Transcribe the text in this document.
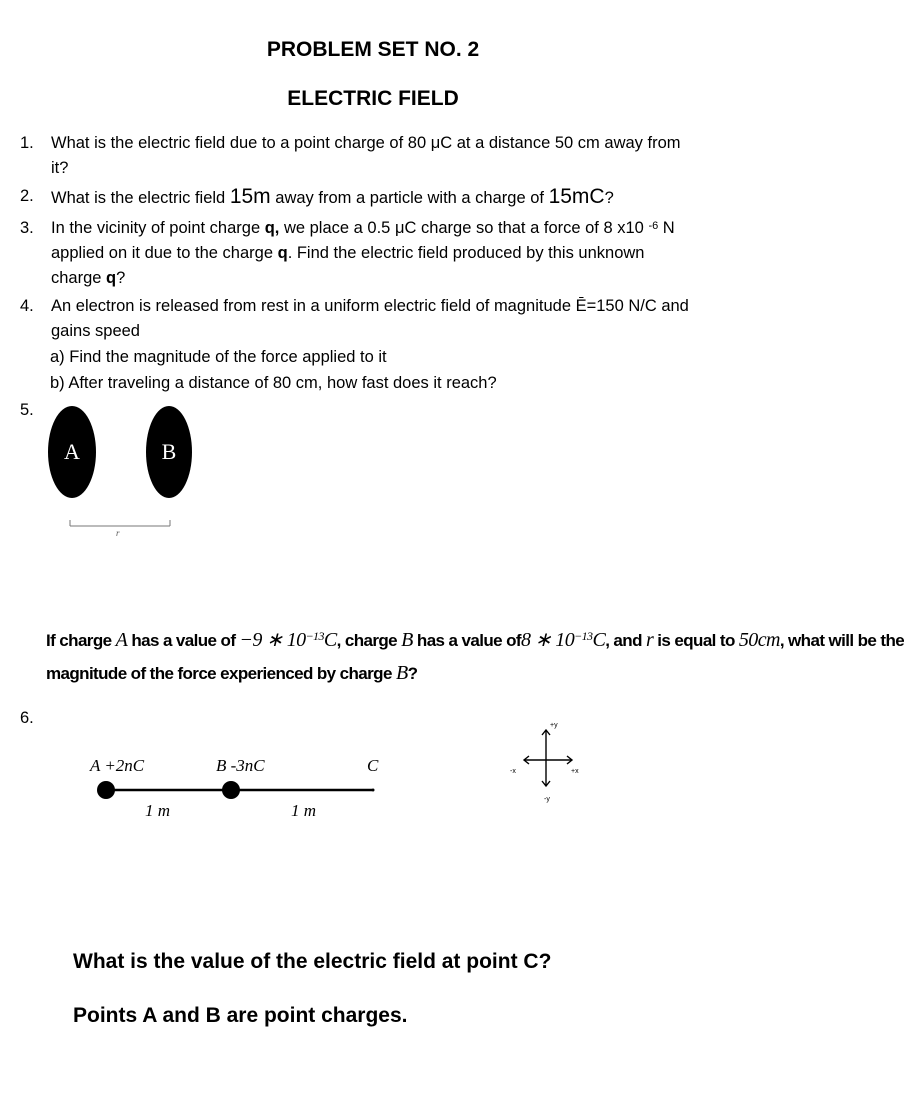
PROBLEM SET NO. 2
ELECTRIC FIELD
1.	What is the electric field due to a point charge of 80 μC at a distance 50 cm away from
it?
2.	What is the electric field 15m away from a particle with a charge of 15mC?
3.	In the vicinity of point charge q, we place a 0.5 μC charge so that a force of 8 x10 $^{-6}$ N
applied on it due to the charge q. Find the electric field produced by this unknown
charge q?
4.	An electron is released from rest in a uniform electric field of magnitude Ē=150 N/C and
gains speed
a) Find the magnitude of the force applied to it
b) After traveling a distance of 80 cm, how fast does it reach?
5.
A	B
r
If charge A has a value of −9 ∗ $10^{-13}C$, charge B has a value of8 ∗ $10^{-13}C$, and r is equal to 50cm, what will be the
magnitude of the force experienced by charge B?
6.
A +2nC	B -3nC	C
1 m	1 m
+y
-y
+x
-x
What is the value of the electric field at point C?
Points A and B are point charges.
